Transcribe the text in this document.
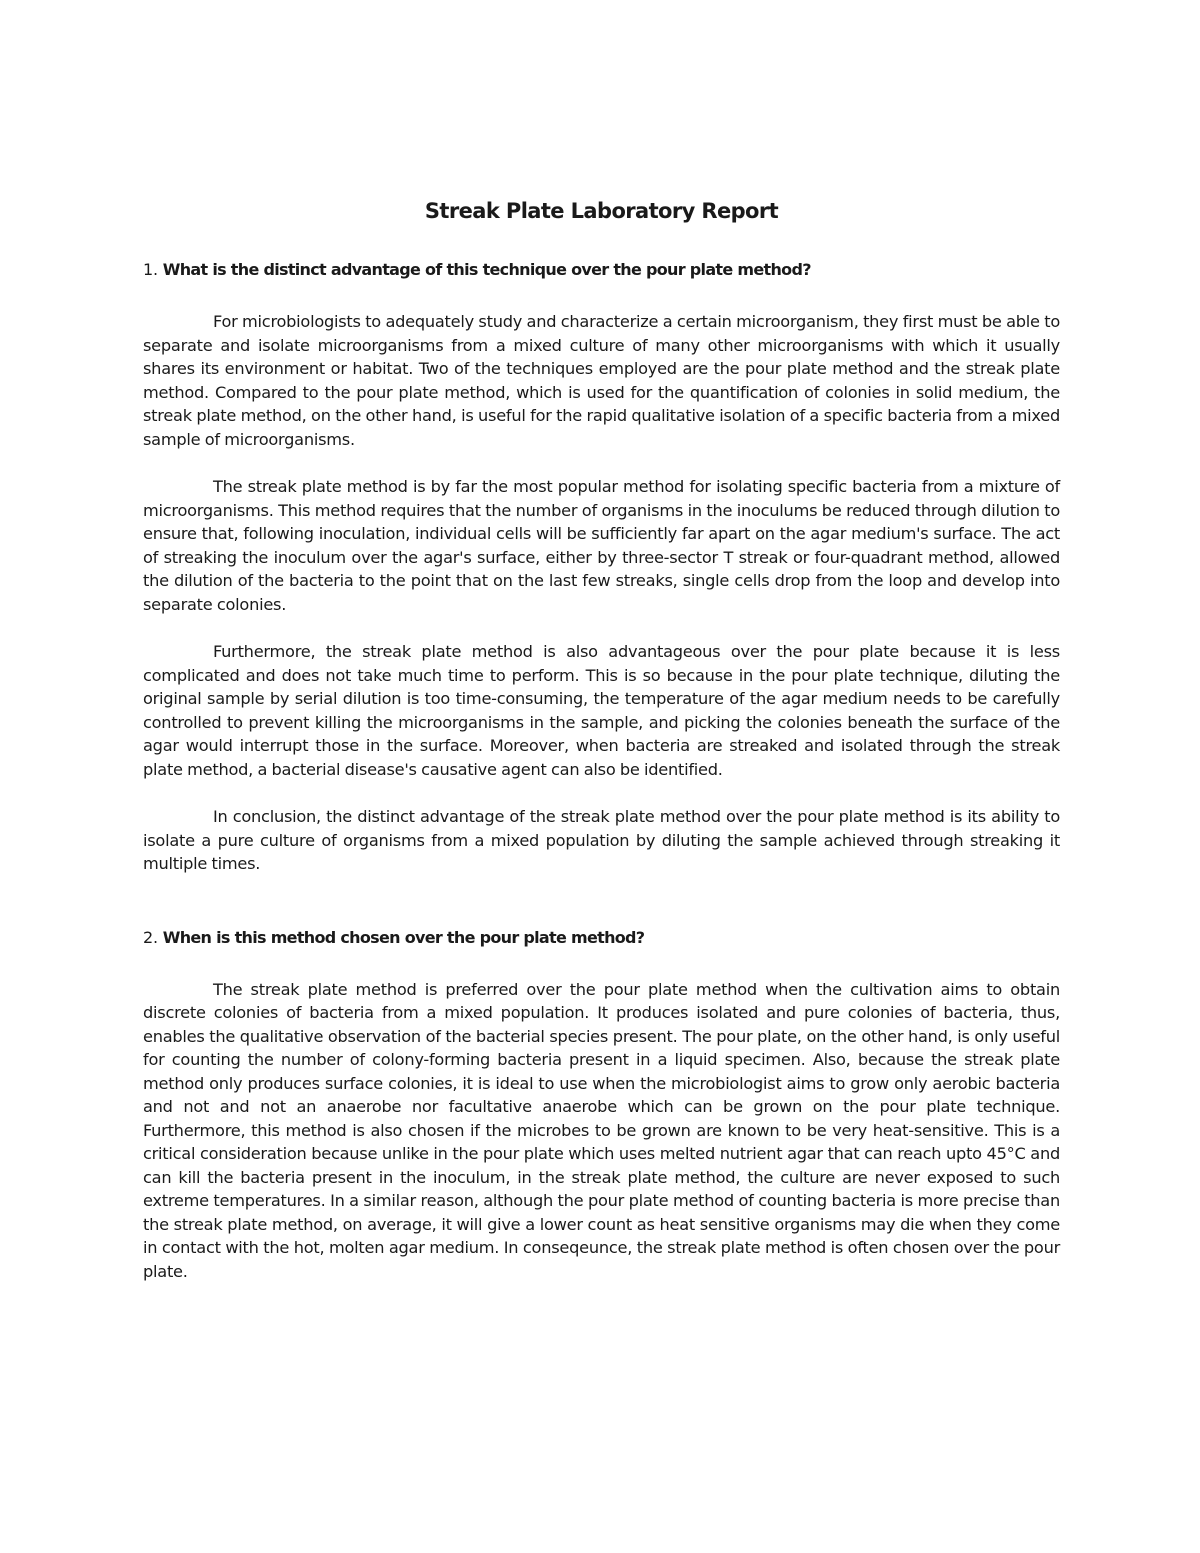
Streak Plate Laboratory Report

1. What is the distinct advantage of this technique over the pour plate method?

For microbiologists to adequately study and characterize a certain microorganism, they first must be able to separate and isolate microorganisms from a mixed culture of many other microorganisms with which it usually shares its environment or habitat. Two of the techniques employed are the pour plate method and the streak plate method. Compared to the pour plate method, which is used for the quantification of colonies in solid medium, the streak plate method, on the other hand, is useful for the rapid qualitative isolation of a specific bacteria from a mixed sample of microorganisms.

The streak plate method is by far the most popular method for isolating specific bacteria from a mixture of microorganisms. This method requires that the number of organisms in the inoculums be reduced through dilution to ensure that, following inoculation, individual cells will be sufficiently far apart on the agar medium's surface. The act of streaking the inoculum over the agar's surface, either by three-sector T streak or four-quadrant method, allowed the dilution of the bacteria to the point that on the last few streaks, single cells drop from the loop and develop into separate colonies.

Furthermore, the streak plate method is also advantageous over the pour plate because it is less complicated and does not take much time to perform. This is so because in the pour plate technique, diluting the original sample by serial dilution is too time-consuming, the temperature of the agar medium needs to be carefully controlled to prevent killing the microorganisms in the sample, and picking the colonies beneath the surface of the agar would interrupt those in the surface. Moreover, when bacteria are streaked and isolated through the streak plate method, a bacterial disease's causative agent can also be identified.

In conclusion, the distinct advantage of the streak plate method over the pour plate method is its ability to isolate a pure culture of organisms from a mixed population by diluting the sample achieved through streaking it multiple times.

2. When is this method chosen over the pour plate method?

The streak plate method is preferred over the pour plate method when the cultivation aims to obtain discrete colonies of bacteria from a mixed population. It produces isolated and pure colonies of bacteria, thus, enables the qualitative observation of the bacterial species present. The pour plate, on the other hand, is only useful for counting the number of colony-forming bacteria present in a liquid specimen. Also, because the streak plate method only produces surface colonies, it is ideal to use when the microbiologist aims to grow only aerobic bacteria and not and not an anaerobe nor facultative anaerobe which can be grown on the pour plate technique. Furthermore, this method is also chosen if the microbes to be grown are known to be very heat-sensitive. This is a critical consideration because unlike in the pour plate which uses melted nutrient agar that can reach upto 45°C and can kill the bacteria present in the inoculum, in the streak plate method, the culture are never exposed to such extreme temperatures. In a similar reason, although the pour plate method of counting bacteria is more precise than the streak plate method, on average, it will give a lower count as heat sensitive organisms may die when they come in contact with the hot, molten agar medium. In conseqeunce, the streak plate method is often chosen over the pour plate.
